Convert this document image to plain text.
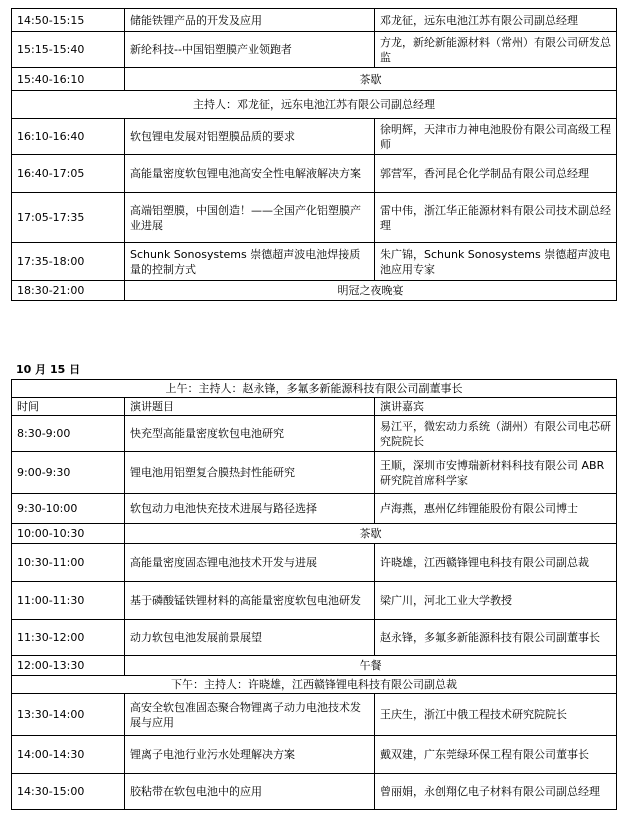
14:50-15:15	储能铁锂产品的开发及应用	邓龙征，远东电池江苏有限公司副总经理
15:15-15:40	新纶科技--中国铝塑膜产业领跑者	方龙，新纶新能源材料（常州）有限公司研发总监
15:40-16:10	茶歇	
主持人：邓龙征，远东电池江苏有限公司副总经理		
16:10-16:40	软包锂电发展对铝塑膜品质的要求	徐明辉，天津市力神电池股份有限公司高级工程师
16:40-17:05	高能量密度软包锂电池高安全性电解液解决方案	郭营军，香河昆仑化学制品有限公司总经理
17:05-17:35	高端铝塑膜，中国创造！——全国产化铝塑膜产业进展	雷中伟，浙江华正能源材料有限公司技术副总经理
17:35-18:00	Schunk Sonosystems 崇德超声波电池焊接质量的控制方式	朱广锦，Schunk Sonosystems 崇德超声波电池应用专家
18:30-21:00	明冠之夜晚宴	

10 月 15 日

上午：主持人：赵永锋，多氟多新能源科技有限公司副董事长		
时间	演讲题目	演讲嘉宾
8:30-9:00	快充型高能量密度软包电池研究	易江平，微宏动力系统（湖州）有限公司电芯研究院院长
9:00-9:30	锂电池用铝塑复合膜热封性能研究	王顺，深圳市安博瑞新材料科技有限公司 ABR 研究院首席科学家
9:30-10:00	软包动力电池快充技术进展与路径选择	卢海燕，惠州亿纬锂能股份有限公司博士
10:00-10:30	茶歇	
10:30-11:00	高能量密度固态锂电池技术开发与进展	许晓雄，江西赣锋锂电科技有限公司副总裁
11:00-11:30	基于磷酸锰铁锂材料的高能量密度软包电池研发	梁广川，河北工业大学教授
11:30-12:00	动力软包电池发展前景展望	赵永锋，多氟多新能源科技有限公司副董事长
12:00-13:30	午餐	
下午：主持人：许晓雄，江西赣锋锂电科技有限公司副总裁		
13:30-14:00	高安全软包准固态聚合物锂离子动力电池技术发展与应用	王庆生，浙江中俄工程技术研究院院长
14:00-14:30	锂离子电池行业污水处理解决方案	戴双建，广东莞绿环保工程有限公司董事长
14:30-15:00	胶粘带在软包电池中的应用	曾丽娟，永创翔亿电子材料有限公司副总经理
